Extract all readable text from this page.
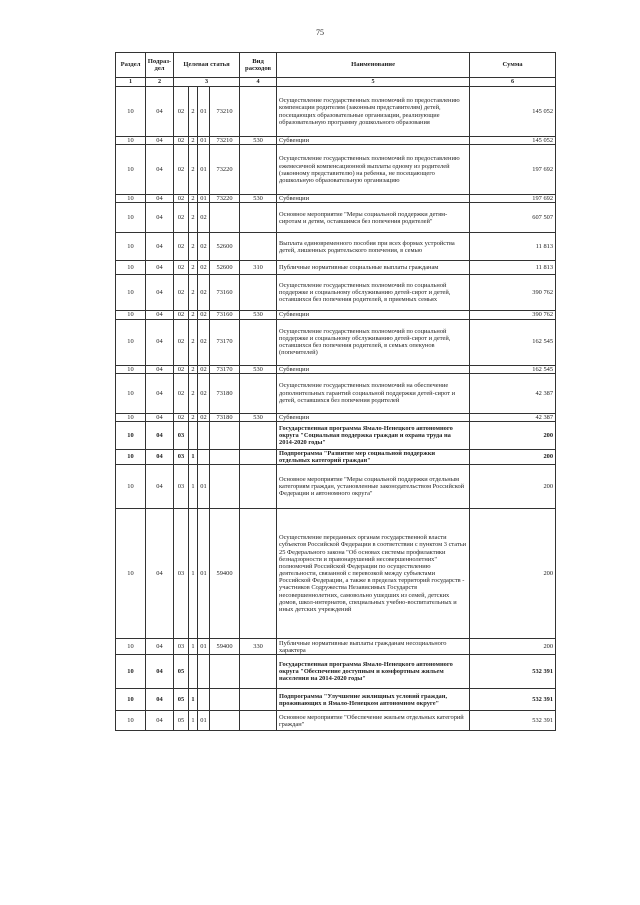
75
Раздел	Подраз-дел	Целевая статья				Вид расходов	Наименование	Сумма
1	2	3				4	5	6
10	04	02	2	01	73210		Осуществление государственных полномочий по предоставлению компенсации родителям (законным представителям) детей, посещающих образовательные организации, реализующие образовательную программу дошкольного образования	145 052
10	04	02	2	01	73210	530	Субвенции	145 052
10	04	02	2	01	73220		Осуществление государственных полномочий по предоставлению ежемесячной компенсационной выплаты одному из родителей (законному представителю) на ребенка, не посещающего дошкольную образовательную организацию	197 692
10	04	02	2	01	73220	530	Субвенции	197 692
10	04	02	2	02			Основное мероприятие "Меры социальной поддержки детям-сиротам и детям, оставшимся без попечения родителей"	607 507
10	04	02	2	02	52600		Выплата единовременного пособия при всех формах устройства детей, лишенных родительского попечения, в семью	11 813
10	04	02	2	02	52600	310	Публичные нормативные социальные выплаты гражданам	11 813
10	04	02	2	02	73160		Осуществление государственных полномочий по социальной поддержке и социальному обслуживанию детей-сирот и детей, оставшихся без попечения родителей, в приемных семьях	390 762
10	04	02	2	02	73160	530	Субвенции	390 762
10	04	02	2	02	73170		Осуществление государственных полномочий по социальной поддержке и социальному обслуживанию детей-сирот и детей, оставшихся без попечения родителей, в семьях опекунов (попечителей)	162 545
10	04	02	2	02	73170	530	Субвенции	162 545
10	04	02	2	02	73180		Осуществление государственных полномочий на обеспечение дополнительных гарантий социальной поддержки детей-сирот и детей, оставшихся без попечения родителей	42 387
10	04	02	2	02	73180	530	Субвенции	42 387
10	04	03					Государственная программа Ямало-Ненецкого автономного округа "Социальная поддержка граждан и охрана труда на 2014-2020 годы"	200
10	04	03	1				Подпрограмма "Развитие мер социальной поддержки отдельных категорий граждан"	200
10	04	03	1	01			Основное мероприятие "Меры социальной поддержки отдельным категориям граждан, установленные законодательством Российской Федерации и автономного округа"	200
10	04	03	1	01	59400		Осуществление переданных органам государственной власти субъектов Российской Федерации в соответствии с пунктом 3 статьи 25 Федерального закона "Об основах системы профилактики безнадзорности и правонарушений несовершеннолетних" полномочий Российской Федерации по осуществлению деятельности, связанной с перевозкой между субъектами Российской Федерации, а также в пределах территорий государств - участников Содружества Независимых Государств несовершеннолетних, самовольно ушедших из семей, детских домов, школ-интернатов, специальных учебно-воспитательных и иных детских учреждений	200
10	04	03	1	01	59400	330	Публичные нормативные выплаты гражданам несоциального характера	200
10	04	05					Государственная программа Ямало-Ненецкого автономного округа "Обеспечение доступным и комфортным жильем населения на 2014-2020 годы"	532 391
10	04	05	1				Подпрограмма "Улучшение жилищных условий граждан, проживающих в Ямало-Ненецком автономном округе"	532 391
10	04	05	1	01			Основное мероприятие "Обеспечение жильем отдельных категорий граждан"	532 391
